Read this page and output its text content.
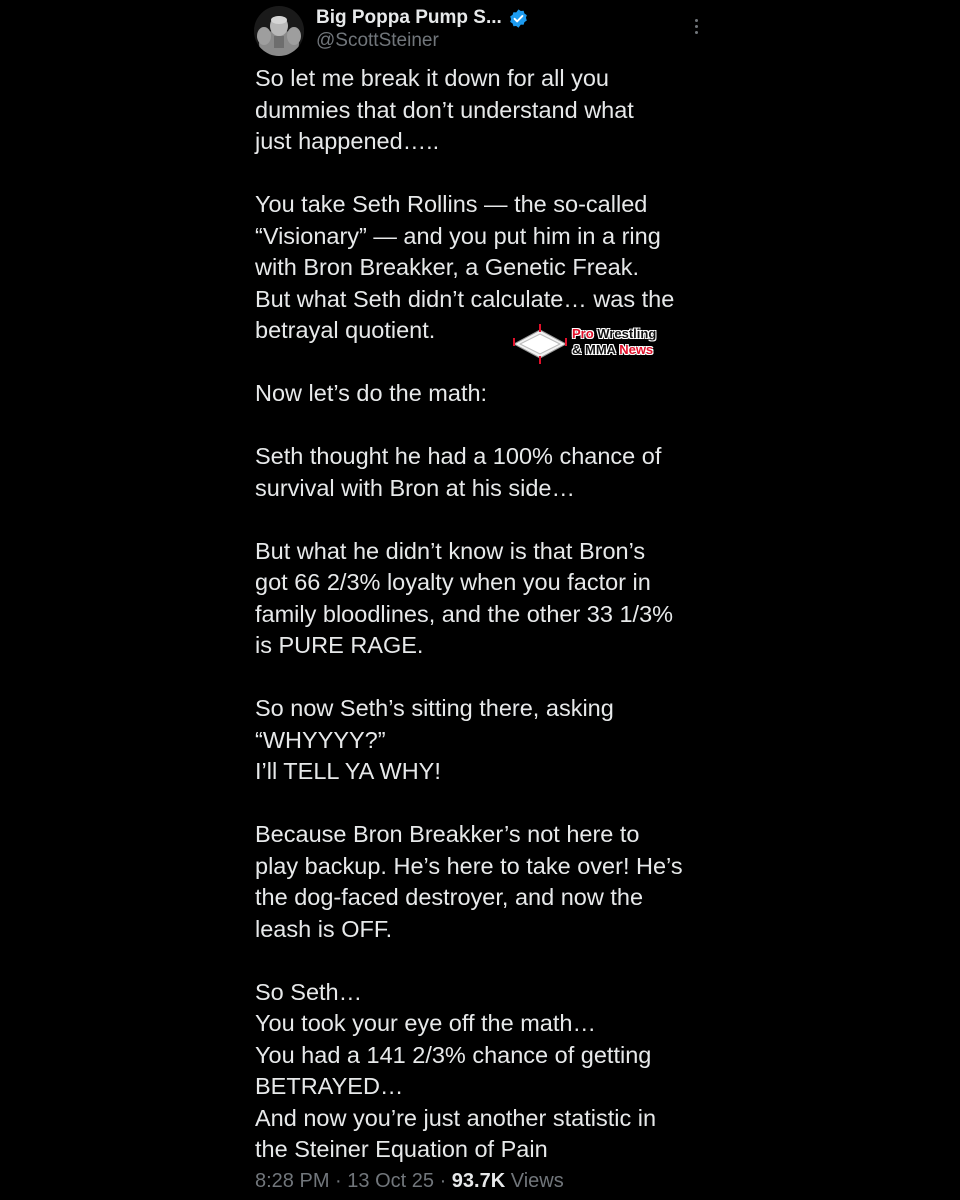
Big Poppa Pump S...
@ScottSteiner
So let me break it down for all you
dummies that don’t understand what
just happened…..
You take Seth Rollins — the so-called
“Visionary” — and you put him in a ring
with Bron Breakker, a Genetic Freak.
But what Seth didn’t calculate… was the
betrayal quotient.
Now let’s do the math:
Seth thought he had a 100% chance of
survival with Bron at his side…
But what he didn’t know is that Bron’s
got 66 2/3% loyalty when you factor in
family bloodlines, and the other 33 1/3%
is PURE RAGE.
So now Seth’s sitting there, asking
“WHYYYY?”
I’ll TELL YA WHY!
Because Bron Breakker’s not here to
play backup. He’s here to take over! He’s
the dog-faced destroyer, and now the
leash is OFF.
So Seth…
You took your eye off the math…
You had a 141 2/3% chance of getting
BETRAYED…
And now you’re just another statistic in
the Steiner Equation of Pain
Pro Wrestling
& MMA News
8:28 PM · 13 Oct 25 · 93.7K Views
